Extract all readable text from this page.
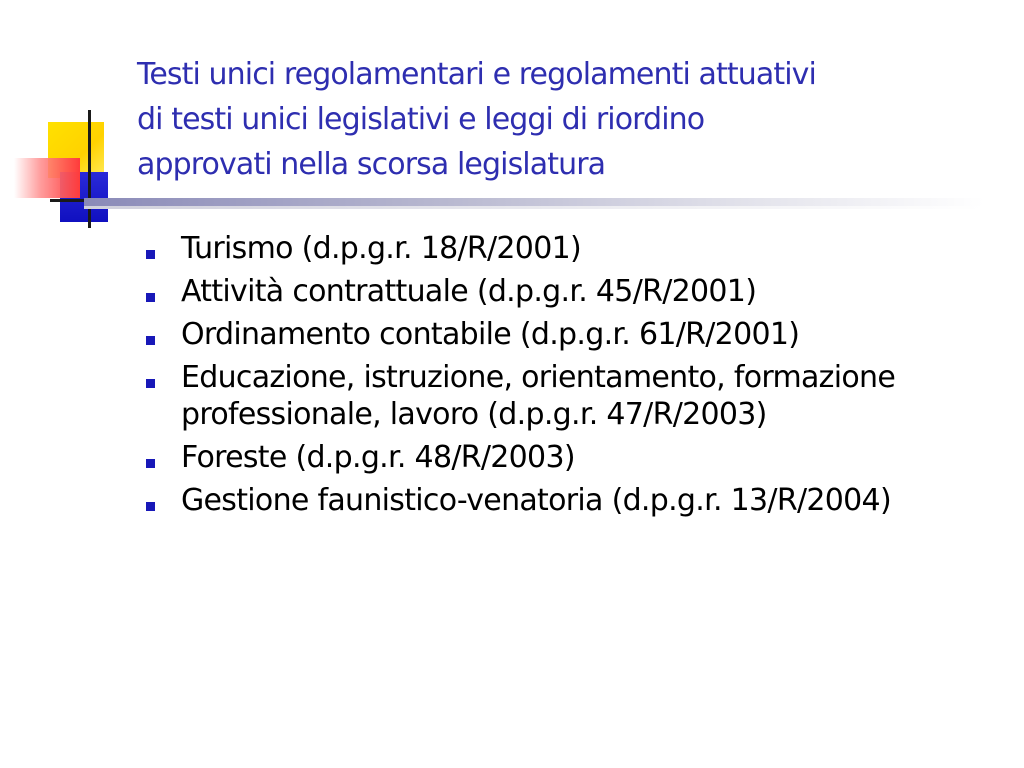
Testi unici regolamentari e regolamenti attuativi
di testi unici legislativi e leggi di riordino
approvati nella scorsa legislatura
Turismo (d.p.g.r. 18/R/2001)
Attività contrattuale (d.p.g.r. 45/R/2001)
Ordinamento contabile (d.p.g.r. 61/R/2001)
Educazione, istruzione, orientamento, formazione professionale, lavoro (d.p.g.r. 47/R/2003)
Foreste (d.p.g.r. 48/R/2003)
Gestione faunistico-venatoria (d.p.g.r. 13/R/2004)
